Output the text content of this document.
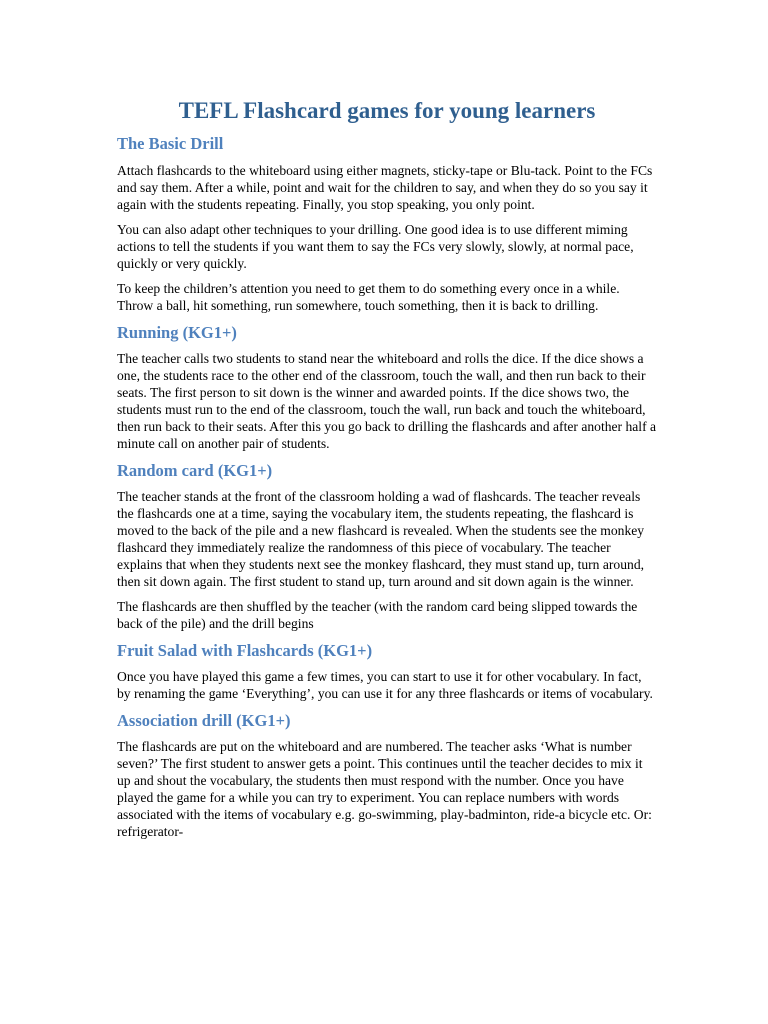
TEFL Flashcard games for young learners
The Basic Drill

Attach flashcards to the whiteboard using either magnets, sticky-tape or Blu-tack. Point to the FCs and say them. After a while, point and wait for the children to say, and when they do so you say it again with the students repeating. Finally, you stop speaking, you only point.

You can also adapt other techniques to your drilling. One good idea is to use different miming actions to tell the students if you want them to say the FCs very slowly, slowly, at normal pace, quickly or very quickly.

To keep the children’s attention you need to get them to do something every once in a while. Throw a ball, hit something, run somewhere, touch something, then it is back to drilling.

Running (KG1+)

The teacher calls two students to stand near the whiteboard and rolls the dice. If the dice shows a one, the students race to the other end of the classroom, touch the wall, and then run back to their seats. The first person to sit down is the winner and awarded points. If the dice shows two, the students must run to the end of the classroom, touch the wall, run back and touch the whiteboard, then run back to their seats. After this you go back to drilling the flashcards and after another half a minute call on another pair of students.

Random card (KG1+)

The teacher stands at the front of the classroom holding a wad of flashcards. The teacher reveals the flashcards one at a time, saying the vocabulary item, the students repeating, the flashcard is moved to the back of the pile and a new flashcard is revealed. When the students see the monkey flashcard they immediately realize the randomness of this piece of vocabulary. The teacher explains that when they students next see the monkey flashcard, they must stand up, turn around, then sit down again. The first student to stand up, turn around and sit down again is the winner.

The flashcards are then shuffled by the teacher (with the random card being slipped towards the back of the pile) and the drill begins

Fruit Salad with Flashcards (KG1+)

Once you have played this game a few times, you can start to use it for other vocabulary. In fact, by renaming the game ‘Everything’, you can use it for any three flashcards or items of vocabulary.

Association drill (KG1+)

The flashcards are put on the whiteboard and are numbered. The teacher asks ‘What is number seven?’ The first student to answer gets a point. This continues until the teacher decides to mix it up and shout the vocabulary, the students then must respond with the number. Once you have played the game for a while you can try to experiment. You can replace numbers with words associated with the items of vocabulary e.g. go-swimming, play-badminton, ride-a bicycle etc. Or: refrigerator-
